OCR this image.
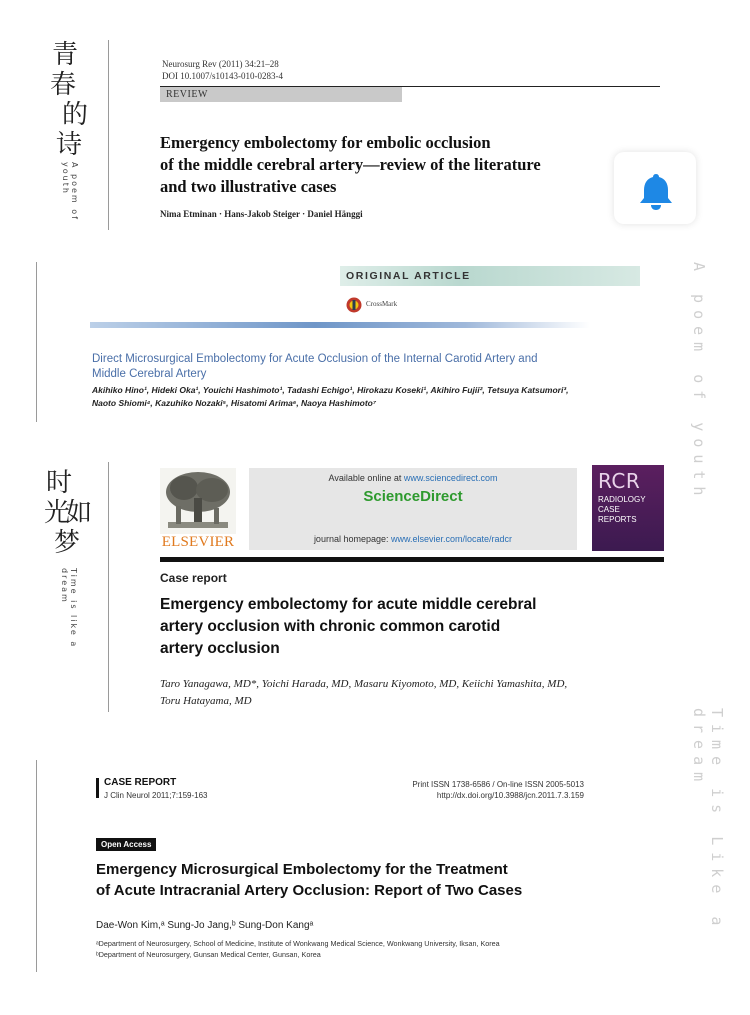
青
春
的
诗
A poem of youth
时
光
如
梦
Time is like a dream
A poem of youth
Time is Like a dream
Neurosurg Rev (2011) 34:21–28
DOI 10.1007/s10143-010-0283-4
REVIEW
Emergency embolectomy for embolic occlusion
of the middle cerebral artery—review of the literature
and two illustrative cases
Nima Etminan · Hans-Jakob Steiger · Daniel Hänggi
ORIGINAL ARTICLE
CrossMark
Direct Microsurgical Embolectomy for Acute Occlusion of the Internal Carotid Artery and
Middle Cerebral Artery
Akihiko Hino¹, Hideki Oka¹, Youichi Hashimoto¹, Tadashi Echigo¹, Hirokazu Koseki¹, Akihiro Fujii², Tetsuya Katsumori³,
Naoto Shiomi⁴, Kazuhiko Nozaki⁵, Hisatomi Arima⁶, Naoya Hashimoto⁷
ELSEVIER
Available online at www.sciencedirect.com
ScienceDirect
journal homepage: www.elsevier.com/locate/radcr
RCR
RADIOLOGY
CASE
REPORTS
Case report
Emergency embolectomy for acute middle cerebral
artery occlusion with chronic common carotid
artery occlusion
Taro Yanagawa, MD*, Yoichi Harada, MD, Masaru Kiyomoto, MD, Keiichi Yamashita, MD,
Toru Hatayama, MD
CASE REPORT
J Clin Neurol 2011;7:159-163
Print ISSN 1738-6586 / On-line ISSN 2005-5013
http://dx.doi.org/10.3988/jcn.2011.7.3.159
Open Access
Emergency Microsurgical Embolectomy for the Treatment
of Acute Intracranial Artery Occlusion: Report of Two Cases
Dae-Won Kim,ᵃ Sung-Jo Jang,ᵇ Sung-Don Kangᵃ
ᵃDepartment of Neurosurgery, School of Medicine, Institute of Wonkwang Medical Science, Wonkwang University, Iksan, Korea
ᵇDepartment of Neurosurgery, Gunsan Medical Center, Gunsan, Korea
